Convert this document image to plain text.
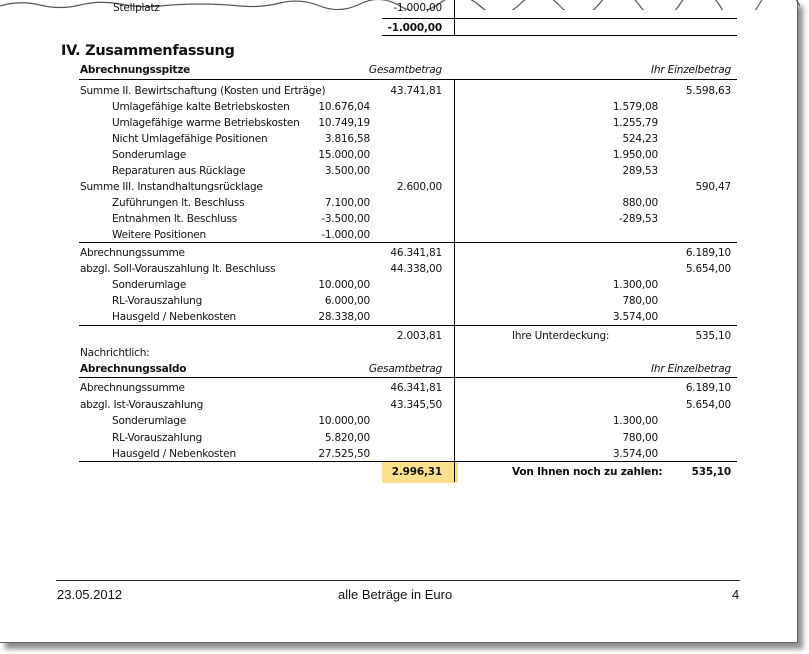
Stellplatz	-1.000,00
-1.000,00
IV. Zusammenfassung
Abrechnungsspitze	Gesamtbetrag	Ihr Einzelbetrag
Summe II. Bewirtschaftung (Kosten und Erträge)	43.741,81	5.598,63
Umlagefähige kalte Betriebskosten	10.676,04	1.579,08
Umlagefähige warme Betriebskosten	10.749,19	1.255,79
Nicht Umlagefähige Positionen	3.816,58	524,23
Sonderumlage	15.000,00	1.950,00
Reparaturen aus Rücklage	3.500,00	289,53
Summe III. Instandhaltungsrücklage	2.600,00	590,47
Zuführungen lt. Beschluss	7.100,00	880,00
Entnahmen lt. Beschluss	-3.500,00	-289,53
Weitere Positionen	-1.000,00
Abrechnungssumme	46.341,81	6.189,10
abzgl. Soll-Vorauszahlung lt. Beschluss	44.338,00	5.654,00
Sonderumlage	10.000,00	1.300,00
RL-Vorauszahlung	6.000,00	780,00
Hausgeld / Nebenkosten	28.338,00	3.574,00
2.003,81	Ihre Unterdeckung:	535,10
Nachrichtlich:
Abrechnungssaldo	Gesamtbetrag	Ihr Einzelbetrag
Abrechnungssumme	46.341,81	6.189,10
abzgl. Ist-Vorauszahlung	43.345,50	5.654,00
Sonderumlage	10.000,00	1.300,00
RL-Vorauszahlung	5.820,00	780,00
Hausgeld / Nebenkosten	27.525,50	3.574,00
2.996,31	Von Ihnen noch zu zahlen:	535,10
23.05.2012	alle Beträge in Euro	4
